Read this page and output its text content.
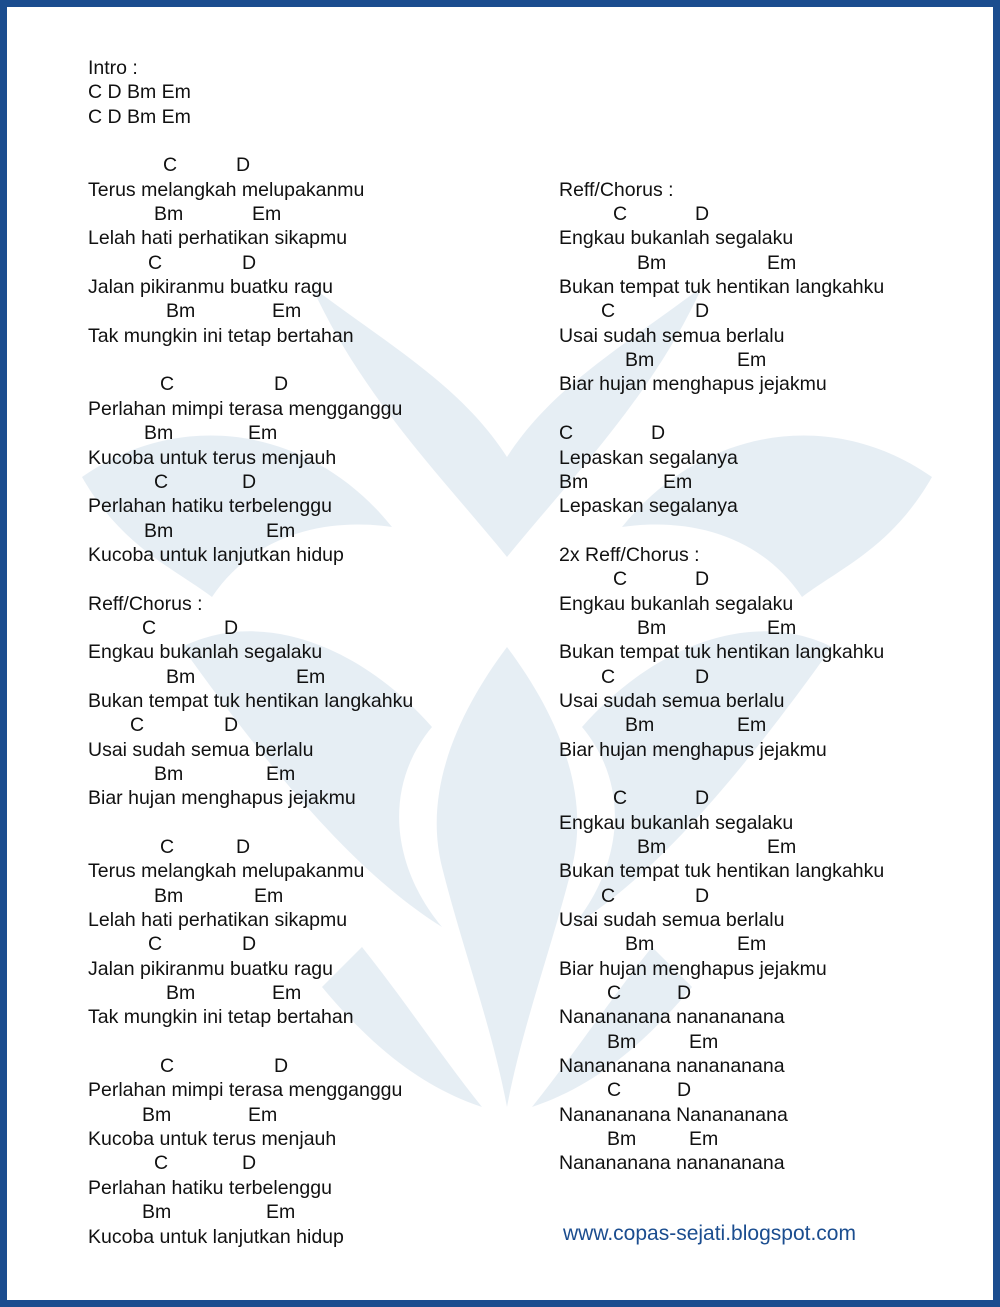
Intro :
C D Bm Em
C D Bm Em
C	D
Terus melangkah melupakanmu
Bm	Em
Lelah hati perhatikan sikapmu
C	D
Jalan pikiranmu buatku ragu
Bm	Em
Tak mungkin ini tetap bertahan
C	D
Perlahan mimpi terasa mengganggu
Bm	Em
Kucoba untuk terus menjauh
C	D
Perlahan hatiku terbelenggu
Bm	Em
Kucoba untuk lanjutkan hidup
Reff/Chorus :
C	D
Engkau bukanlah segalaku
Bm	Em
Bukan tempat tuk hentikan langkahku
C	D
Usai sudah semua berlalu
Bm	Em
Biar hujan menghapus jejakmu
C	D
Terus melangkah melupakanmu
Bm	Em
Lelah hati perhatikan sikapmu
C	D
Jalan pikiranmu buatku ragu
Bm	Em
Tak mungkin ini tetap bertahan
C	D
Perlahan mimpi terasa mengganggu
Bm	Em
Kucoba untuk terus menjauh
C	D
Perlahan hatiku terbelenggu
Bm	Em
Kucoba untuk lanjutkan hidup
Reff/Chorus :
C	D
Engkau bukanlah segalaku
Bm	Em
Bukan tempat tuk hentikan langkahku
C	D
Usai sudah semua berlalu
Bm	Em
Biar hujan menghapus jejakmu
C	D
Lepaskan segalanya
Bm	Em
Lepaskan segalanya
2x Reff/Chorus :
C	D
Engkau bukanlah segalaku
Bm	Em
Bukan tempat tuk hentikan langkahku
C	D
Usai sudah semua berlalu
Bm	Em
Biar hujan menghapus jejakmu
C	D
Engkau bukanlah segalaku
Bm	Em
Bukan tempat tuk hentikan langkahku
C	D
Usai sudah semua berlalu
Bm	Em
Biar hujan menghapus jejakmu
C	D
Nanananana nanananana
Bm	Em
Nanananana nanananana
C	D
Nanananana Nanananana
Bm	Em
Nanananana nanananana
www.copas-sejati.blogspot.com
